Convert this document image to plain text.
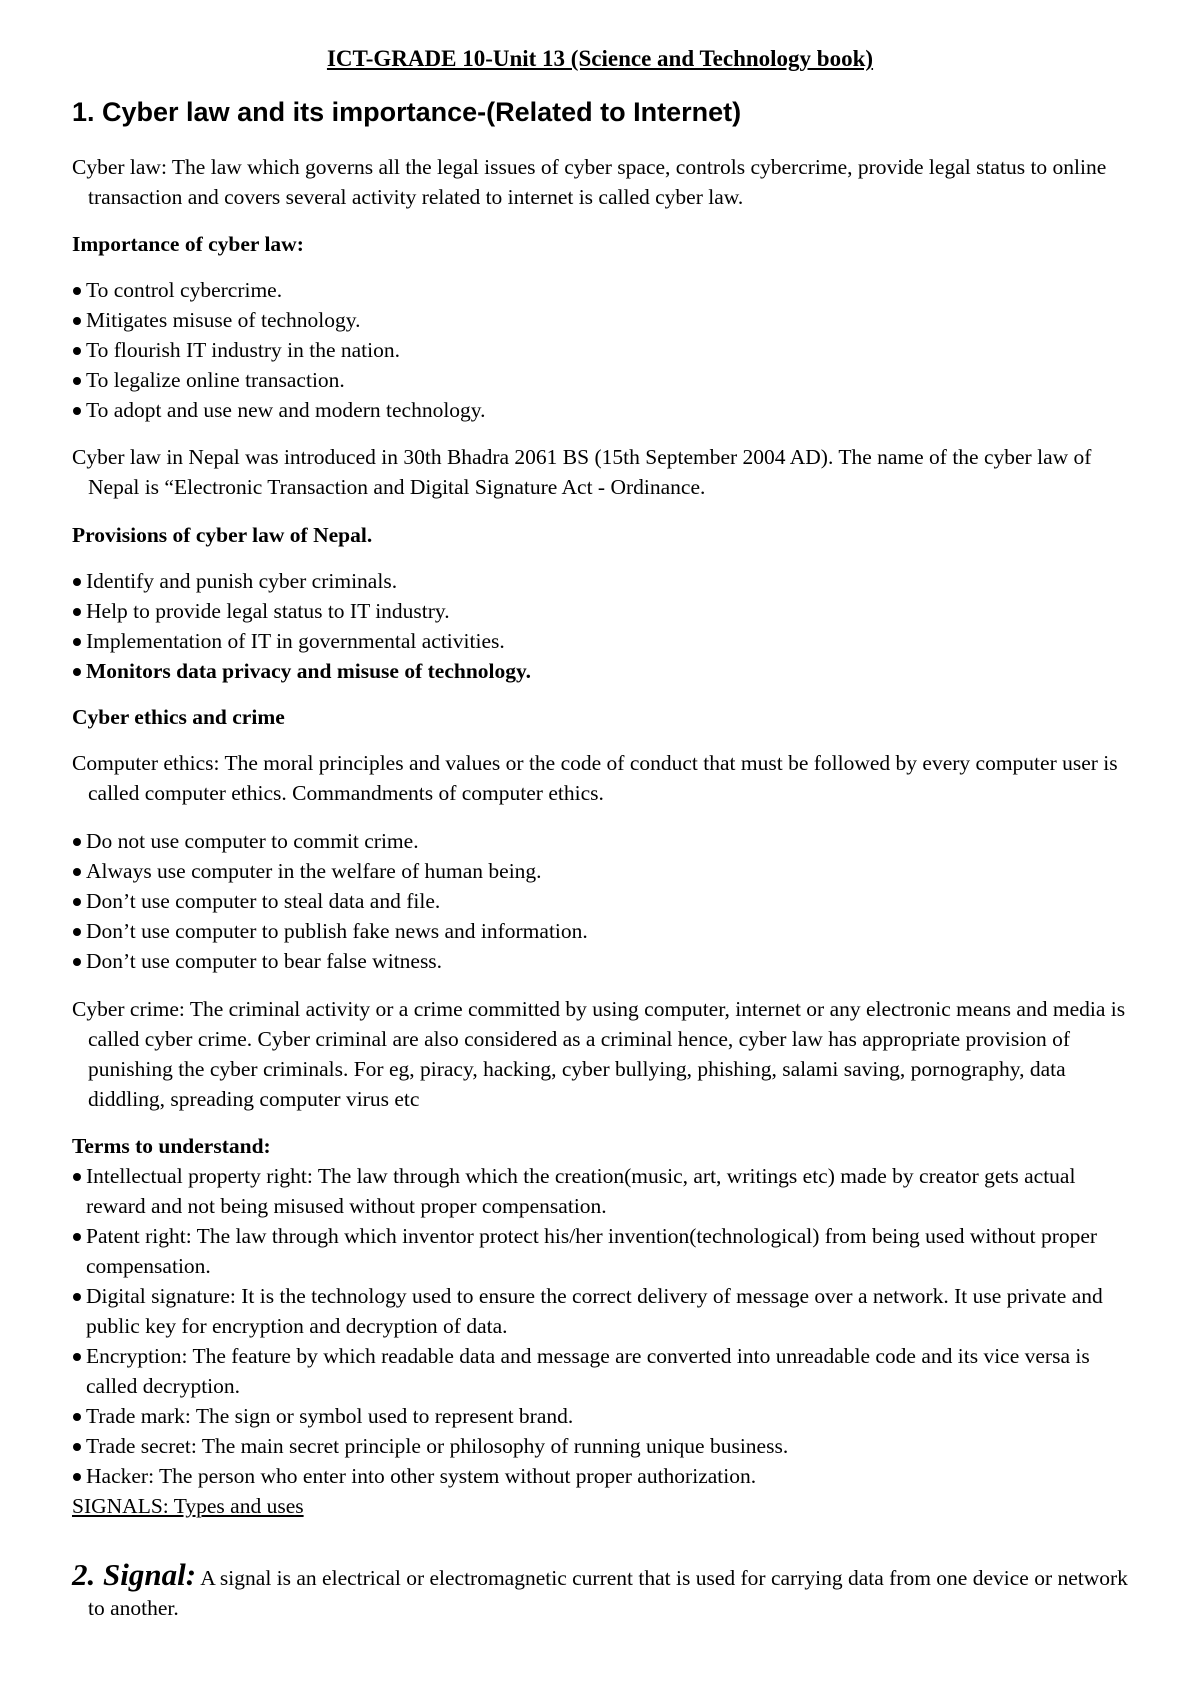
ICT-GRADE 10-Unit 13 (Science and Technology book)
1. Cyber law and its importance-(Related to Internet)

Cyber law: The law which governs all the legal issues of cyber space, controls cybercrime, provide legal status to online transaction and covers several activity related to internet is called cyber law.

Importance of cyber law:
To control cybercrime.
Mitigates misuse of technology.
To flourish IT industry in the nation.
To legalize online transaction.
To adopt and use new and modern technology.

Cyber law in Nepal was introduced in 30th Bhadra 2061 BS (15th September 2004 AD). The name of the cyber law of Nepal is “Electronic Transaction and Digital Signature Act - Ordinance.

Provisions of cyber law of Nepal.
Identify and punish cyber criminals.
Help to provide legal status to IT industry.
Implementation of IT in governmental activities.
Monitors data privacy and misuse of technology.
Cyber ethics and crime

Computer ethics: The moral principles and values or the code of conduct that must be followed by every computer user is called computer ethics. Commandments of computer ethics.

Do not use computer to commit crime.
Always use computer in the welfare of human being.
Don’t use computer to steal data and file.
Don’t use computer to publish fake news and information.
Don’t use computer to bear false witness.

Cyber crime: The criminal activity or a crime committed by using computer, internet or any electronic means and media is called cyber crime. Cyber criminal are also considered as a criminal hence, cyber law has appropriate provision of punishing the cyber criminals. For eg, piracy, hacking, cyber bullying, phishing, salami saving, pornography, data diddling, spreading computer virus etc

Terms to understand:
Intellectual property right: The law through which the creation(music, art, writings etc) made by creator gets actual reward and not being misused without proper compensation.
Patent right: The law through which inventor protect his/her invention(technological) from being used without proper compensation.
Digital signature: It is the technology used to ensure the correct delivery of message over a network. It use private and public key for encryption and decryption of data.
Encryption: The feature by which readable data and message are converted into unreadable code and its vice versa is called decryption.
Trade mark: The sign or symbol used to represent brand.
Trade secret: The main secret principle or philosophy of running unique business.
Hacker: The person who enter into other system without proper authorization.
SIGNALS: Types and uses

2. Signal: A signal is an electrical or electromagnetic current that is used for carrying data from one device or network to another.
